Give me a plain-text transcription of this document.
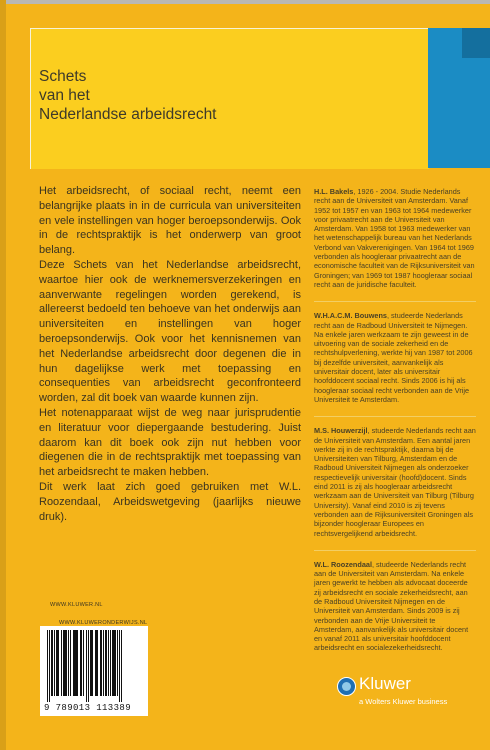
Schets
van het
Nederlandse arbeidsrecht

Het arbeidsrecht, of sociaal recht, neemt een belangrijke plaats in in de curricula van universiteiten en vele instellingen van hoger beroepsonderwijs. Ook in de rechtspraktijk is het onderwerp van groot belang.

Deze Schets van het Nederlandse arbeidsrecht, waartoe hier ook de werknemersverzekeringen en aanverwante regelingen worden gerekend, is allereerst bedoeld ten behoeve van het onderwijs aan universiteiten en instellingen van hoger beroepsonderwijs. Ook voor het kennisnemen van het Nederlandse arbeidsrecht door degenen die in hun dagelijkse werk met toepassing en consequenties van arbeidsrecht geconfronteerd worden, zal dit boek van waarde kunnen zijn.

Het notenapparaat wijst de weg naar jurisprudentie en literatuur voor diepergaande bestudering. Juist daarom kan dit boek ook zijn nut hebben voor diegenen die in de rechtspraktijk met toepassing van het arbeidsrecht te maken hebben.

Dit werk laat zich goed gebruiken met W.L. Roozendaal, Arbeidswetgeving (jaarlijks nieuwe druk).

H.L. Bakels, 1926 - 2004. Studie Nederlands recht aan de Universiteit van Amsterdam. Vanaf 1952 tot 1957 en van 1963 tot 1964 medewerker voor privaatrecht aan de Universiteit van Amsterdam. Van 1958 tot 1963 medewerker van het wetenschappelijk bureau van het Nederlands Verbond van Vakverenigingen. Van 1964 tot 1969 verbonden als hoogleraar privaatrecht aan de economische faculteit van de Rijksuniversiteit van Groningen; van 1969 tot 1987 hoogleraar sociaal recht aan de juridische faculteit.

W.H.A.C.M. Bouwens, studeerde Nederlands recht aan de Radboud Universiteit te Nijmegen. Na enkele jaren werkzaam te zijn geweest in de uitvoering van de sociale zekerheid en de rechtshulpverlening, werkte hij van 1987 tot 2006 bij dezelfde universiteit, aanvankelijk als universitair docent, later als universitair hoofddocent sociaal recht. Sinds 2006 is hij als hoogleraar sociaal recht verbonden aan de Vrije Universiteit te Amsterdam.

M.S. Houwerzijl, studeerde Nederlands recht aan de Universiteit van Amsterdam. Een aantal jaren werkte zij in de rechtspraktijk, daarna bij de Universiteiten van Tilburg, Amsterdam en de Radboud Universiteit Nijmegen als onderzoeker respectievelijk universitair (hoofd)docent. Sinds eind 2011 is zij als hoogleraar arbeidsrecht werkzaam aan de Universiteit van Tilburg (Tilburg University). Vanaf eind 2010 is zij tevens verbonden aan de Rijksuniversiteit Groningen als bijzonder hoogleraar Europees en rechtsvergelijkend arbeidsrecht.

W.L. Roozendaal, studeerde Nederlands recht aan de Universiteit van Amsterdam. Na enkele jaren gewerkt te hebben als advocaat doceerde zij arbeidsrecht en sociale zekerheidsrecht, aan de Radboud Universiteit Nijmegen en de Universiteit van Amsterdam. Sinds 2009 is zij verbonden aan de Vrije Universiteit te Amsterdam, aanvankelijk als universitair docent en vanaf 2011 als universitair hoofddocent arbeidsrecht en socialezekerheidsrecht.

WWW.KLUWER.NL
WWW.KLUWERONDERWIJS.NL
9 789013 113389
Kluwer
a Wolters Kluwer business
